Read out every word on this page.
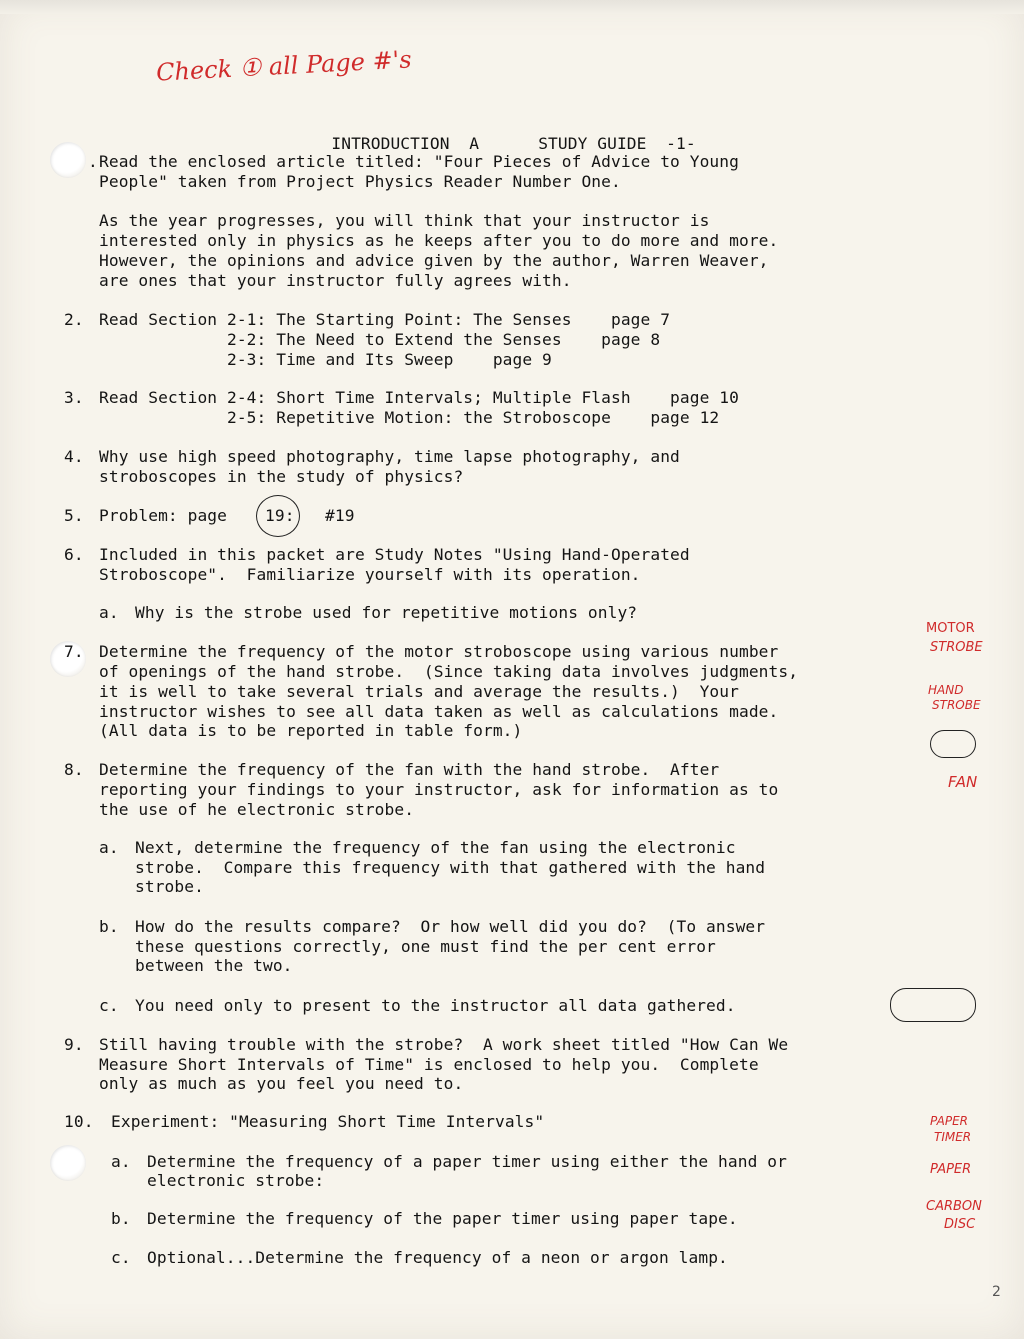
Check ① all Page #'s

INTRODUCTION A	STUDY GUIDE  -1-

. Read the enclosed article titled: "Four Pieces of Advice to Young
People" taken from Project Physics Reader Number One.
As the year progresses, you will think that your instructor is
interested only in physics as he keeps after you to do more and more.
However, the opinions and advice given by the author, Warren Weaver,
are ones that your instructor fully agrees with.
2. Read Section 2-1: The Starting Point: The Senses    page 7
2-2: The Need to Extend the Senses    page 8
2-3: Time and Its Sweep    page 9
3. Read Section 2-4: Short Time Intervals; Multiple Flash    page 10
2-5: Repetitive Motion: the Stroboscope    page 12
4. Why use high speed photography, time lapse photography, and
stroboscopes in the study of physics?
5. Problem: page 19: #19
6. Included in this packet are Study Notes "Using Hand-Operated
Stroboscope".  Familiarize yourself with its operation.
a. Why is the strobe used for repetitive motions only?
7. Determine the frequency of the motor stroboscope using various number
of openings of the hand strobe.  (Since taking data involves judgments,
it is well to take several trials and average the results.)  Your
instructor wishes to see all data taken as well as calculations made.
(All data is to be reported in table form.)
MOTOR
STROBE
HAND
STROBE
8. Determine the frequency of the fan with the hand strobe.  After
reporting your findings to your instructor, ask for information as to
the use of he electronic strobe.
FAN
a. Next, determine the frequency of the fan using the electronic
strobe.  Compare this frequency with that gathered with the hand
strobe.
b. How do the results compare?  Or how well did you do?  (To answer
these questions correctly, one must find the per cent error
between the two.
c. You need only to present to the instructor all data gathered.
9. Still having trouble with the strobe?  A work sheet titled "How Can We
Measure Short Intervals of Time" is enclosed to help you.  Complete
only as much as you feel you need to.
10. Experiment: "Measuring Short Time Intervals"	PAPER
TIMER
a. Determine the frequency of a paper timer using either the hand or
electronic strobe:
PAPER
b. Determine the frequency of the paper timer using paper tape.
CARBON
DISC
c. Optional...Determine the frequency of a neon or argon lamp.
2
